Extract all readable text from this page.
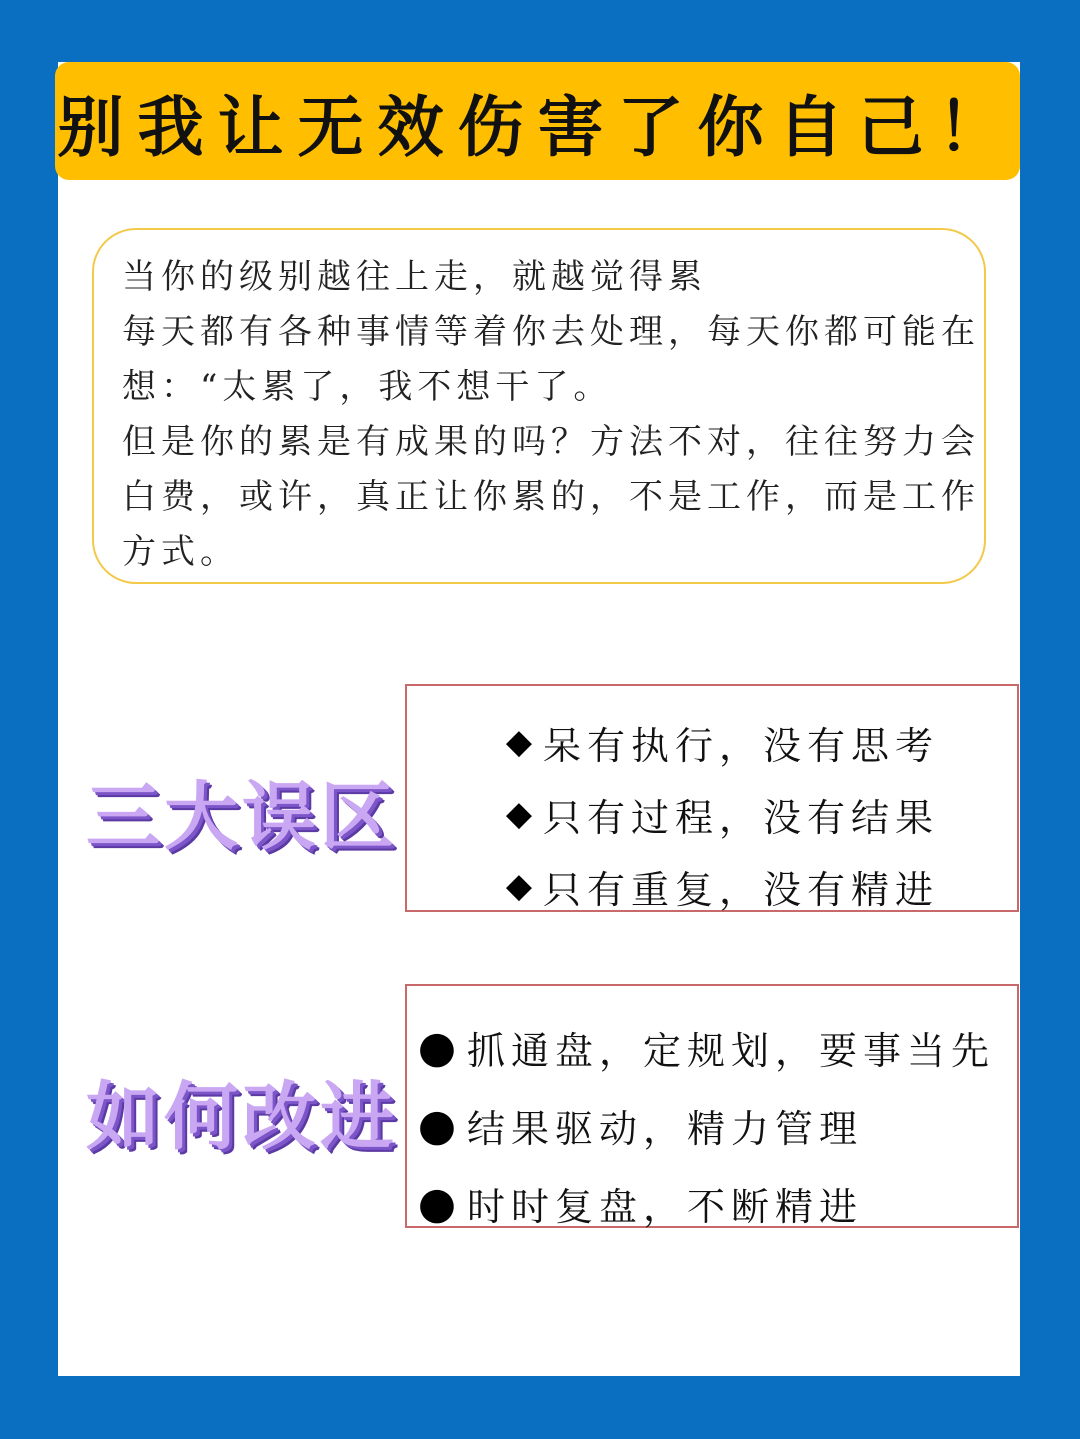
别我让无效伤害了你自己！
当你的级别越往上走，就越觉得累
每天都有各种事情等着你去处理，每天你都可能在
想：“太累了，我不想干了。
但是你的累是有成果的吗？方法不对，往往努力会
白费，或许，真正让你累的，不是工作，而是工作
方式。
三大误区
◆ 呆有执行，没有思考
◆ 只有过程，没有结果
◆ 只有重复，没有精进
如何改进
● 抓通盘，定规划，要事当先
● 结果驱动，精力管理
● 时时复盘，不断精进
